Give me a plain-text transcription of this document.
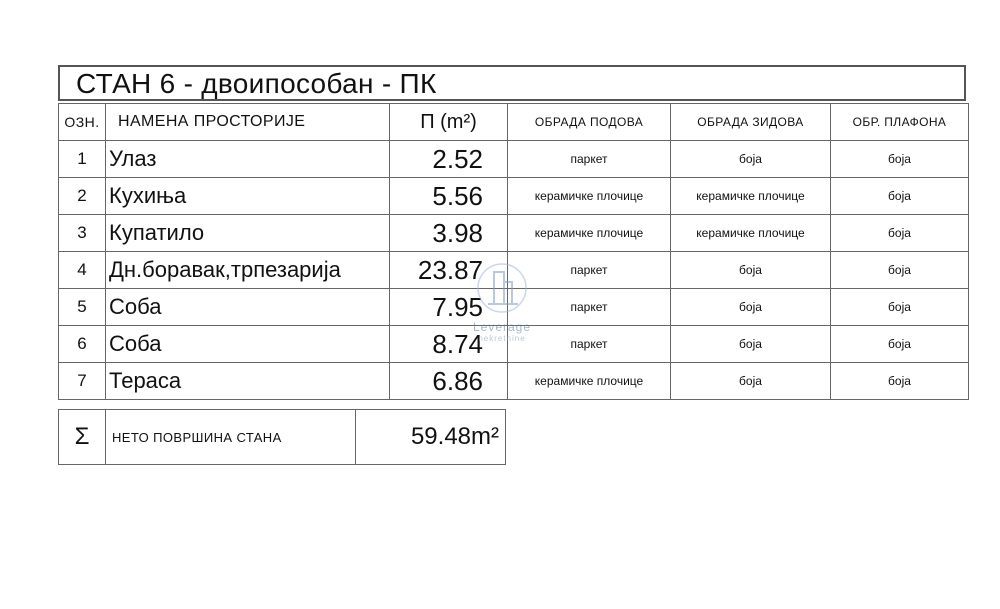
СТАН 6 - двоипособан - ПК
ОЗН.	НАМЕНА ПРОСТОРИЈЕ	П (m²)	ОБРАДА ПОДОВА	ОБРАДА ЗИДОВА	ОБР. ПЛАФОНА
1	Улаз	2.52	паркет	боја	боја
2	Кухиња	5.56	керамичке плочице	керамичке плочице	боја
3	Купатило	3.98	керамичке плочице	керамичке плочице	боја
4	Дн.боравак,трпезарија	23.87	паркет	боја	боја
5	Соба	7.95	паркет	боја	боја
6	Соба	8.74	паркет	боја	боја
7	Тераса	6.86	керамичке плочице	боја	боја
Σ	НЕТО ПОВРШИНА СТАНА	59.48m²
Leverage
nekretnine
